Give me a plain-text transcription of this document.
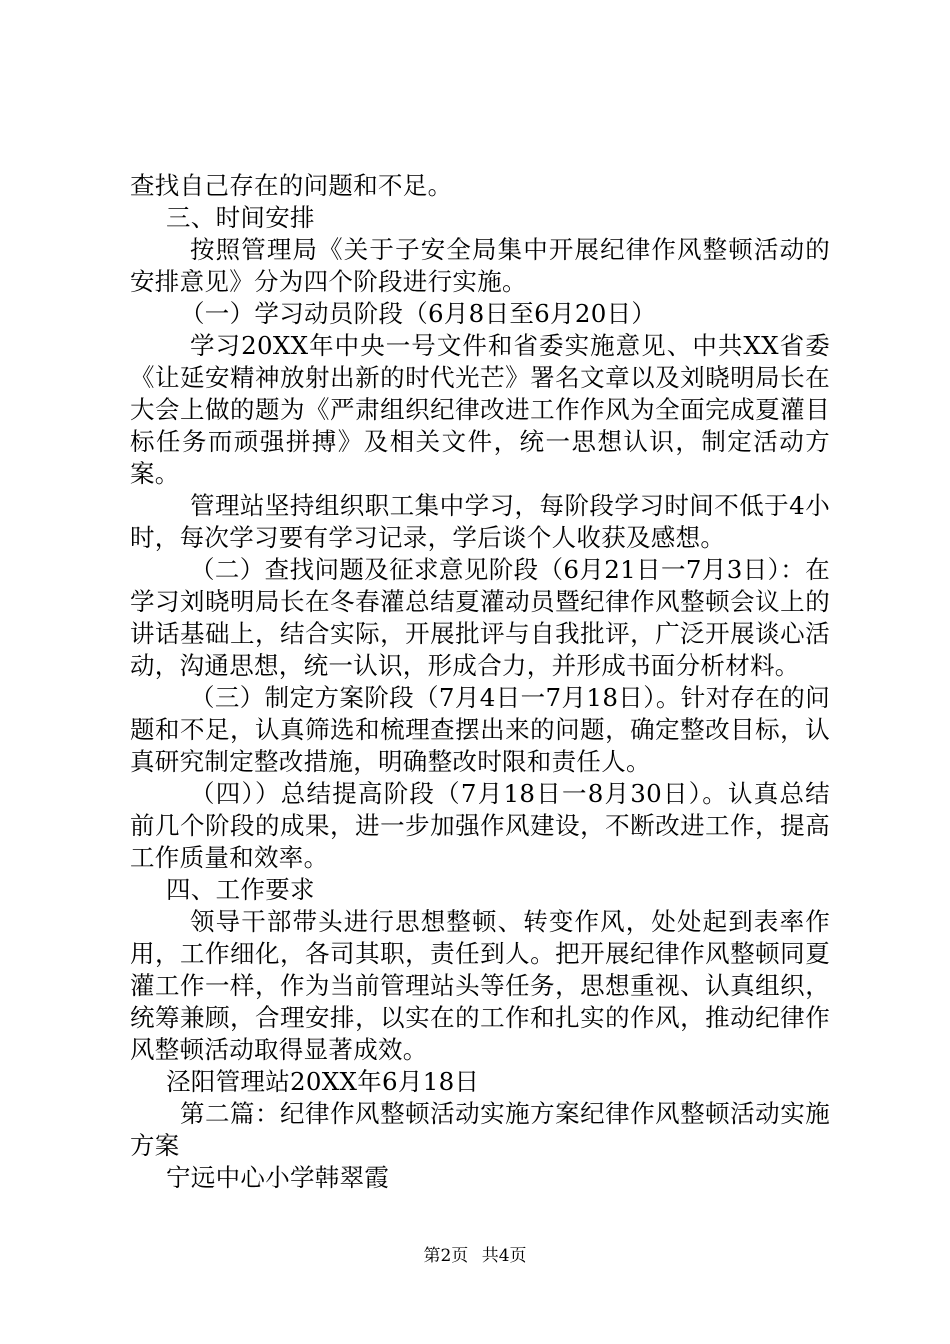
查找自己存在的问题和不足。

三、时间安排

按照管理局《关于子安全局集中开展纪律作风整顿活动的安排意见》分为四个阶段进行实施。

（一）学习动员阶段（6月8日至6月20日）

学习20XX年中央一号文件和省委实施意见、中共XX省委《让延安精神放射出新的时代光芒》署名文章以及刘晓明局长在大会上做的题为《严肃组织纪律改进工作作风为全面完成夏灌目标任务而顽强拼搏》及相关文件，统一思想认识，制定活动方案。

管理站坚持组织职工集中学习，每阶段学习时间不低于4小时，每次学习要有学习记录，学后谈个人收获及感想。

（二）查找问题及征求意见阶段（6月21日一7月3日）：在学习刘晓明局长在冬春灌总结夏灌动员暨纪律作风整顿会议上的讲话基础上，结合实际，开展批评与自我批评，广泛开展谈心活动，沟通思想，统一认识，形成合力，并形成书面分析材料。

（三）制定方案阶段（7月4日一7月18日）。针对存在的问题和不足，认真筛选和梳理查摆出来的问题，确定整改目标，认真研究制定整改措施，明确整改时限和责任人。

（四））总结提高阶段（7月18日一8月30日）。认真总结前几个阶段的成果，进一步加强作风建设，不断改进工作，提高工作质量和效率。

四、工作要求

领导干部带头进行思想整顿、转变作风，处处起到表率作用，工作细化，各司其职，责任到人。把开展纪律作风整顿同夏灌工作一样，作为当前管理站头等任务，思想重视、认真组织，统筹兼顾，合理安排，以实在的工作和扎实的作风，推动纪律作风整顿活动取得显著成效。

泾阳管理站20XX年6月18日

第二篇：纪律作风整顿活动实施方案纪律作风整顿活动实施方案

宁远中心小学韩翠霞

第2页 共4页
